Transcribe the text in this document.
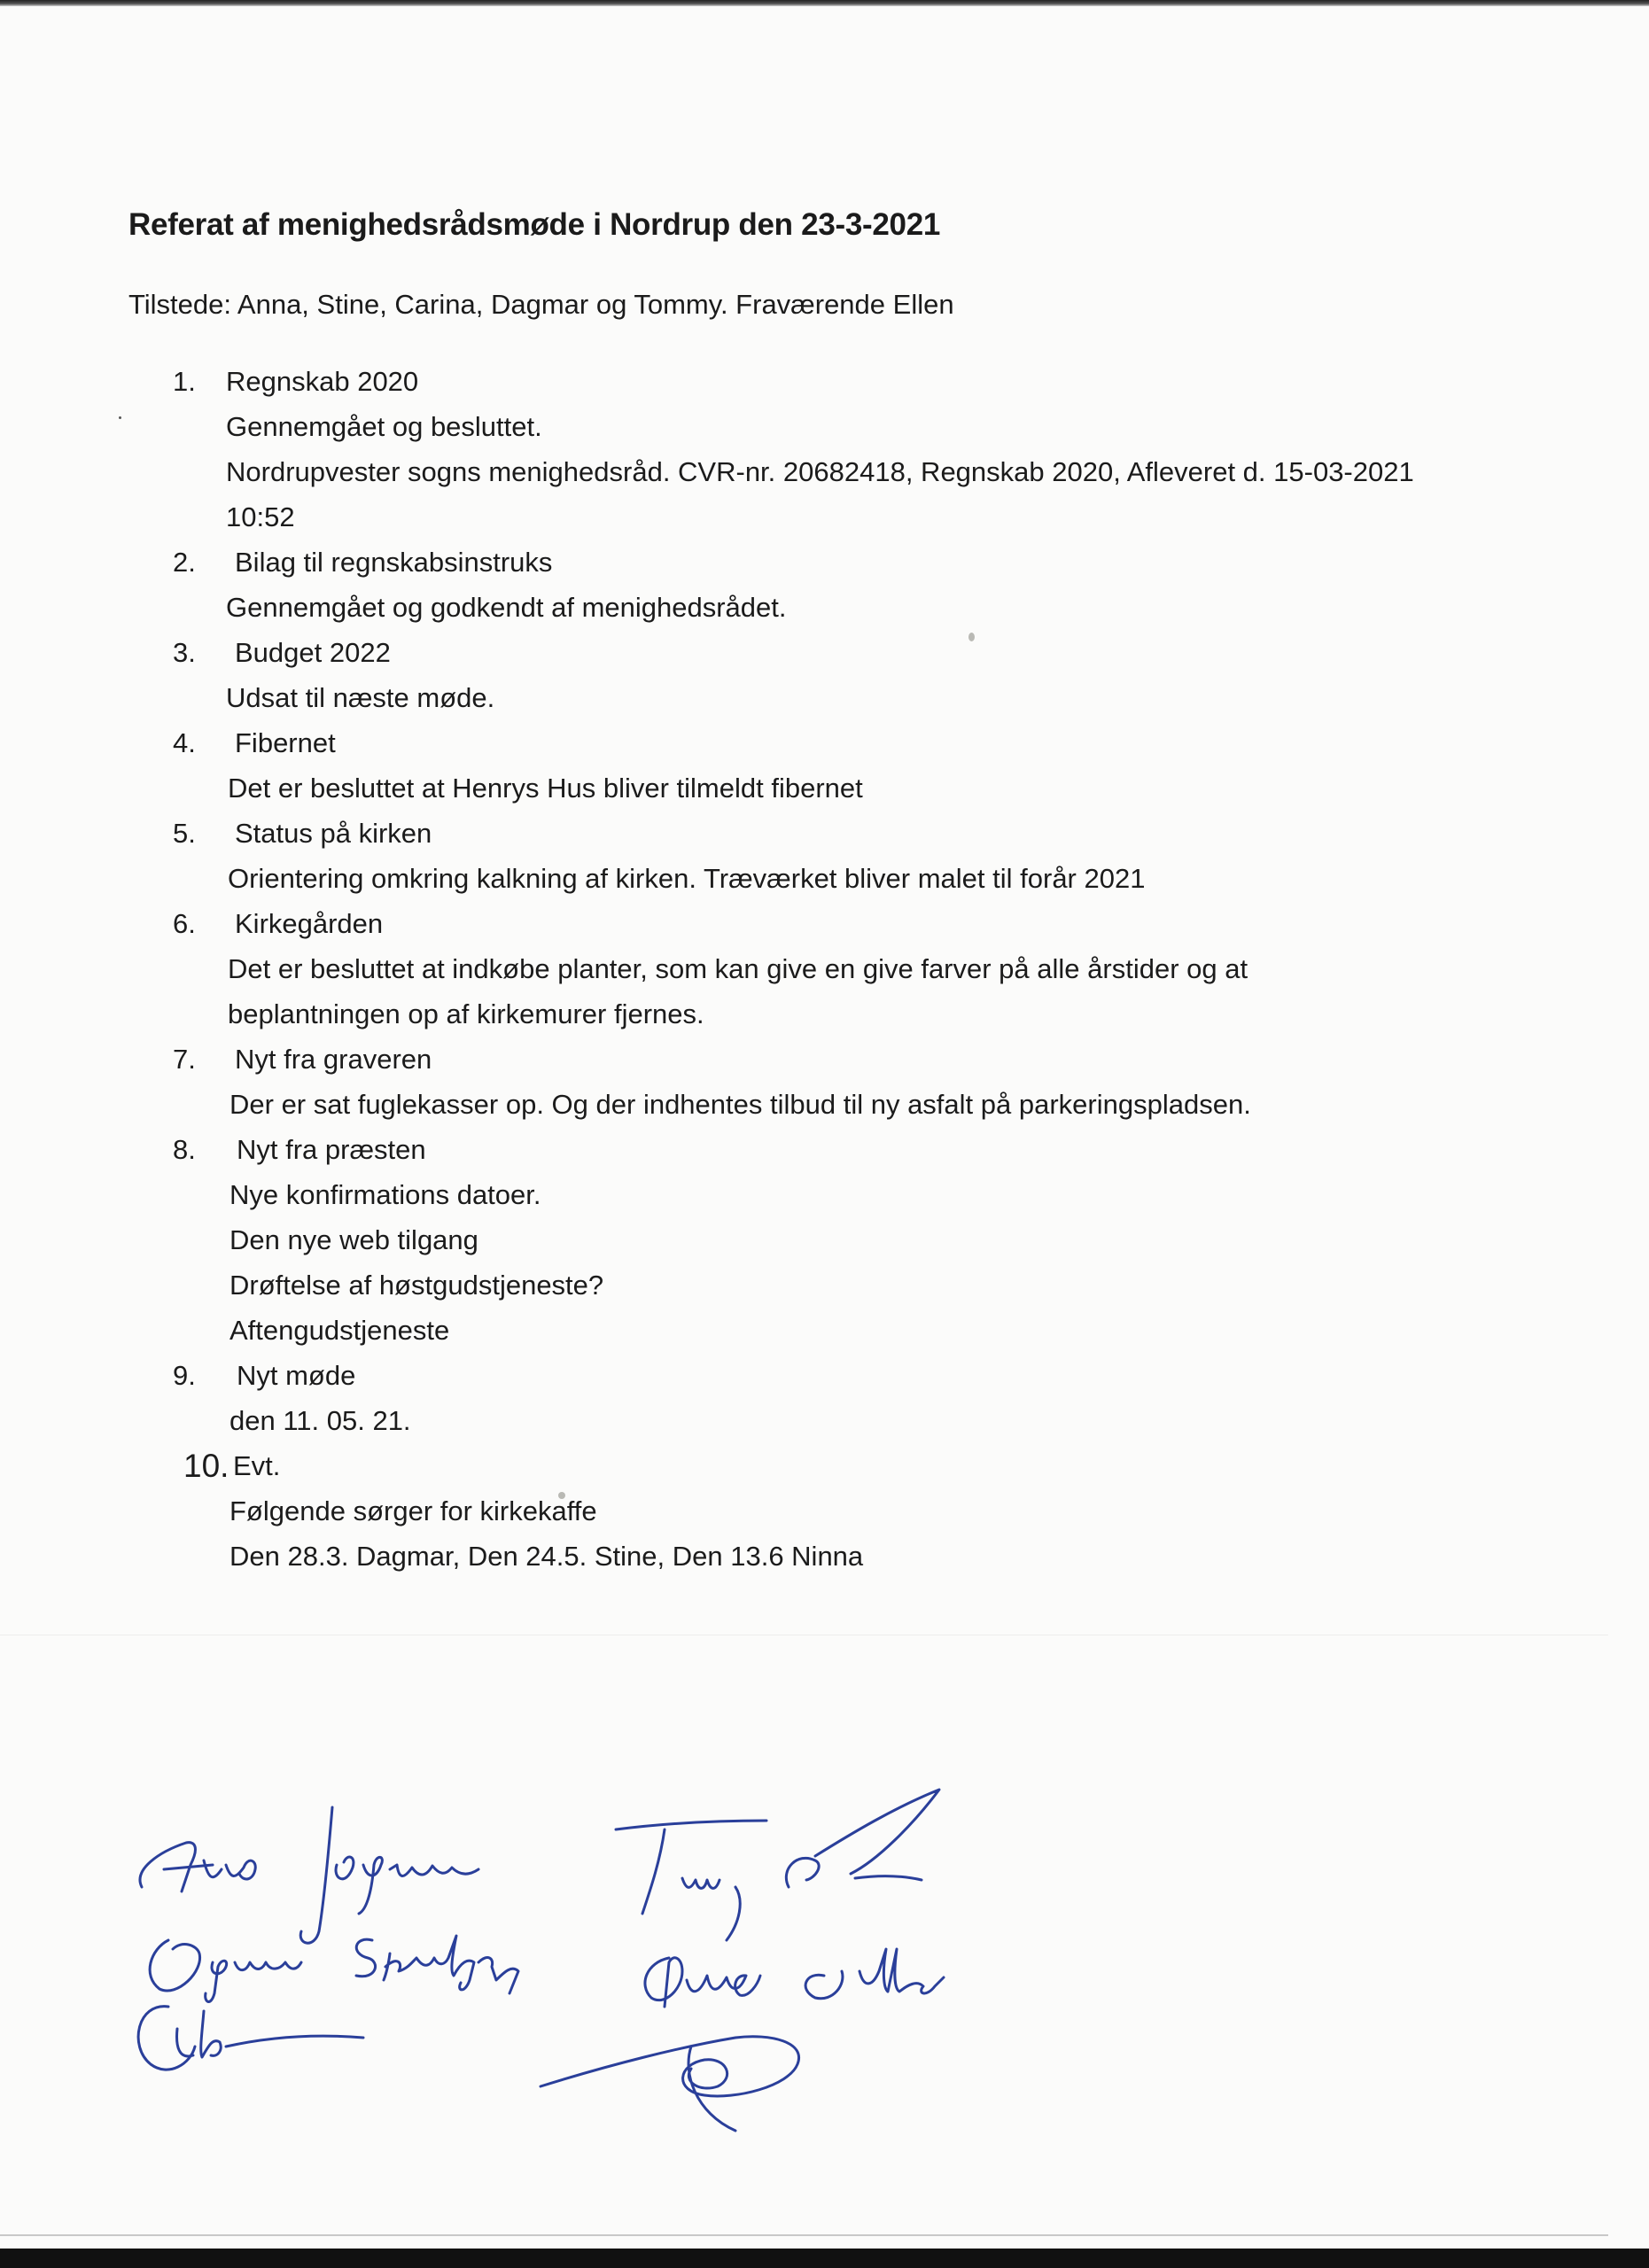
Referat af menighedsrådsmøde i Nordrup den 23-3-2021
Tilstede: Anna, Stine, Carina, Dagmar og Tommy. Fraværende Ellen
1. Regnskab 2020
Gennemgået og besluttet.
Nordrupvester sogns menighedsråd. CVR-nr. 20682418, Regnskab 2020, Afleveret d. 15-03-2021 10:52
2. Bilag til regnskabsinstruks
Gennemgået og godkendt af menighedsrådet.
3. Budget 2022
Udsat til næste møde.
4. Fibernet
Det er besluttet at Henrys Hus bliver tilmeldt fibernet
5. Status på kirken
Orientering omkring kalkning af kirken. Træværket bliver malet til forår 2021
6. Kirkegården
Det er besluttet at indkøbe planter, som kan give en give farver på alle årstider og at beplantningen op af kirkemurer fjernes.
7. Nyt fra graveren
Der er sat fuglekasser op. Og der indhentes tilbud til ny asfalt på parkeringspladsen.
8. Nyt fra præsten
Nye konfirmations datoer.
Den nye web tilgang
Drøftelse af høstgudstjeneste?
Aftengudstjeneste
9. Nyt møde
den 11. 05. 21.
10. Evt.
Følgende sørger for kirkekaffe
Den 28.3. Dagmar, Den 24.5. Stine, Den 13.6 Ninna
